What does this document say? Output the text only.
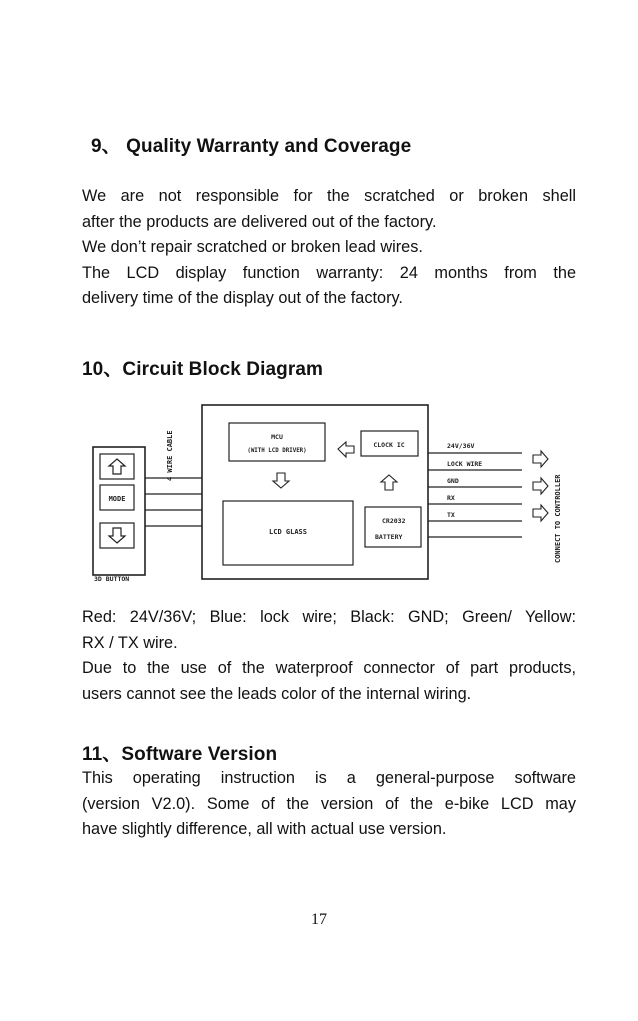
9、 Quality Warranty and Coverage
We are not responsible for the scratched or broken shell
after the products are delivered out of the factory.
We don’t repair scratched or broken lead wires.
The LCD display function warranty: 24 months from the
delivery time of the display out of the factory.
10、Circuit Block Diagram
MODE
3D BUTTON
4 WIRE CABLE	MCU
(WITH LCD DRIVER)
CLOCK IC
LCD GLASS
CR2032
BATTERY
24V/36V
LOCK WIRE
GND
RX
TX	CONNECT TO CONTROLLER
Red: 24V/36V; Blue: lock wire; Black: GND; Green/ Yellow:
RX / TX wire.
Due to the use of the waterproof connector of part products,
users cannot see the leads color of the internal wiring.
11、Software Version
This operating instruction is a general-purpose software
(version V2.0). Some of the version of the e-bike LCD may
have slightly difference, all with actual use version.
17
